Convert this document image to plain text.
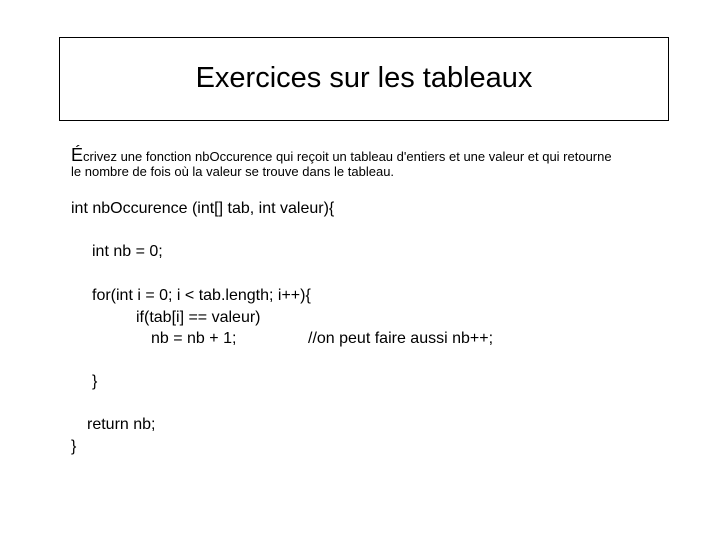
Exercices sur les tableaux
Écrivez une fonction nbOccurence qui reçoit un tableau d'entiers et une valeur et qui retourne
le nombre de fois où la valeur se trouve dans le tableau.
int nbOccurence (int[] tab, int valeur){
int nb = 0;
for(int i = 0; i < tab.length; i++){
if(tab[i] == valeur)
nb = nb + 1;	//on peut faire aussi nb++;
}
return nb;
}
